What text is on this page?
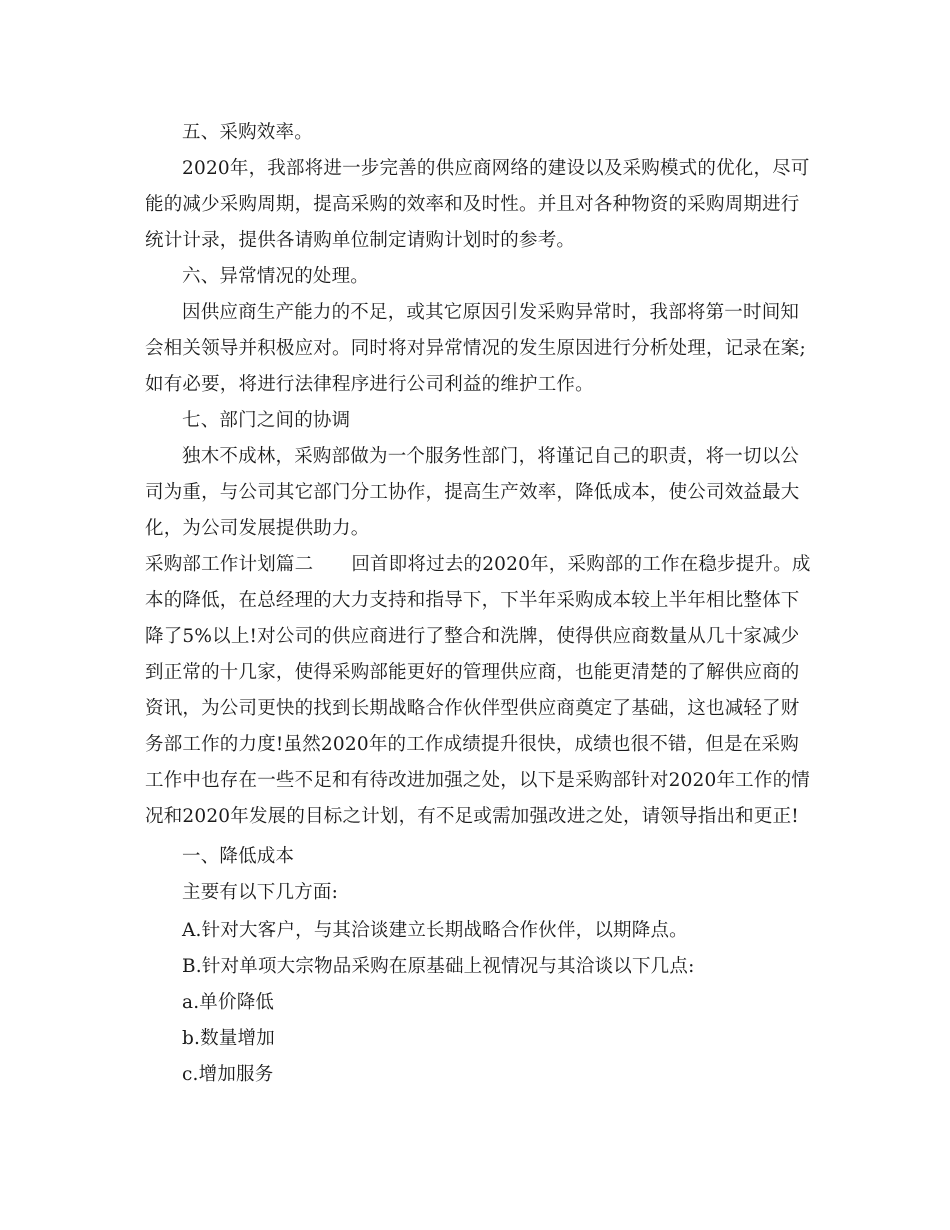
五、采购效率。
2020年，我部将进一步完善的供应商网络的建设以及采购模式的优化，尽可
能的减少采购周期，提高采购的效率和及时性。并且对各种物资的采购周期进行
统计计录，提供各请购单位制定请购计划时的参考。
六、异常情况的处理。
因供应商生产能力的不足，或其它原因引发采购异常时，我部将第一时间知
会相关领导并积极应对。同时将对异常情况的发生原因进行分析处理，记录在案;
如有必要，将进行法律程序进行公司利益的维护工作。
七、部门之间的协调
独木不成林，采购部做为一个服务性部门，将谨记自己的职责，将一切以公
司为重，与公司其它部门分工协作，提高生产效率，降低成本，使公司效益最大
化，为公司发展提供助力。
采购部工作计划篇二 回首即将过去的2020年，采购部的工作在稳步提升。成
本的降低，在总经理的大力支持和指导下，下半年采购成本较上半年相比整体下
降了5%以上!对公司的供应商进行了整合和洗牌，使得供应商数量从几十家减少
到正常的十几家，使得采购部能更好的管理供应商，也能更清楚的了解供应商的
资讯，为公司更快的找到长期战略合作伙伴型供应商奠定了基础，这也减轻了财
务部工作的力度!虽然2020年的工作成绩提升很快，成绩也很不错，但是在采购
工作中也存在一些不足和有待改进加强之处，以下是采购部针对2020年工作的情
况和2020年发展的目标之计划，有不足或需加强改进之处，请领导指出和更正!
一、降低成本
主要有以下几方面:
A.针对大客户，与其洽谈建立长期战略合作伙伴，以期降点。
B.针对单项大宗物品采购在原基础上视情况与其洽谈以下几点:
a.单价降低
b.数量增加
c.增加服务
